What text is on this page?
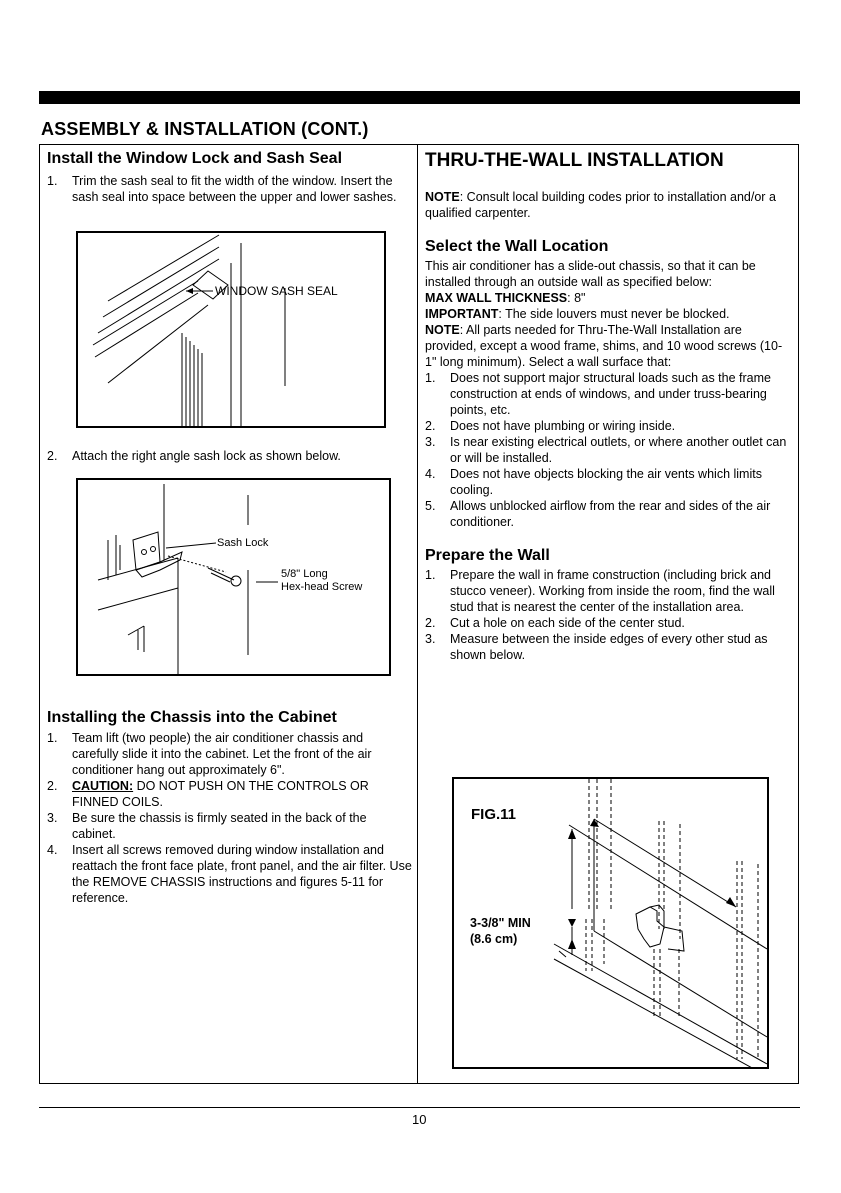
ASSEMBLY & INSTALLATION (CONT.)
Install the Window Lock and Sash Seal
1. Trim the sash seal to fit the width of the window. Insert the sash seal into space between the upper and lower sashes.
WINDOW SASH SEAL
2. Attach the right angle sash lock as shown below.
Sash Lock
5/8" Long
Hex-head Screw
Installing the Chassis into the Cabinet
1. Team lift (two people) the air conditioner chassis and carefully slide it into the cabinet. Let the front of the air conditioner hang out approximately 6".
2. CAUTION: DO NOT PUSH ON THE CONTROLS OR FINNED COILS.
3. Be sure the chassis is firmly seated in the back of the cabinet.
4. Insert all screws removed during window installation and reattach the front face plate, front panel, and the air filter. Use the REMOVE CHASSIS instructions and figures 5-11 for reference.
THRU-THE-WALL INSTALLATION

NOTE: Consult local building codes prior to installation and/or a qualified carpenter.

Select the Wall Location

This air conditioner has a slide-out chassis, so that it can be installed through an outside wall as specified below:

MAX WALL THICKNESS: 8"

IMPORTANT: The side louvers must never be blocked.

NOTE: All parts needed for Thru-The-Wall Installation are provided, except a wood frame, shims, and 10 wood screws (10-1" long minimum). Select a wall surface that:

1. Does not support major structural loads such as the frame construction at ends of windows, and under truss-bearing points, etc.
2. Does not have plumbing or wiring inside.
3. Is near existing electrical outlets, or where another outlet can or will be installed.
4. Does not have objects blocking the air vents which limits cooling.
5. Allows unblocked airflow from the rear and sides of the air conditioner.
Prepare the Wall
1. Prepare the wall in frame construction (including brick and stucco veneer). Working from inside the room, find the wall stud that is nearest the center of the installation area.
2. Cut a hole on each side of the center stud.
3. Measure between the inside edges of every other stud as shown below.
FIG.11
3-3/8" MIN
(8.6 cm)
10
